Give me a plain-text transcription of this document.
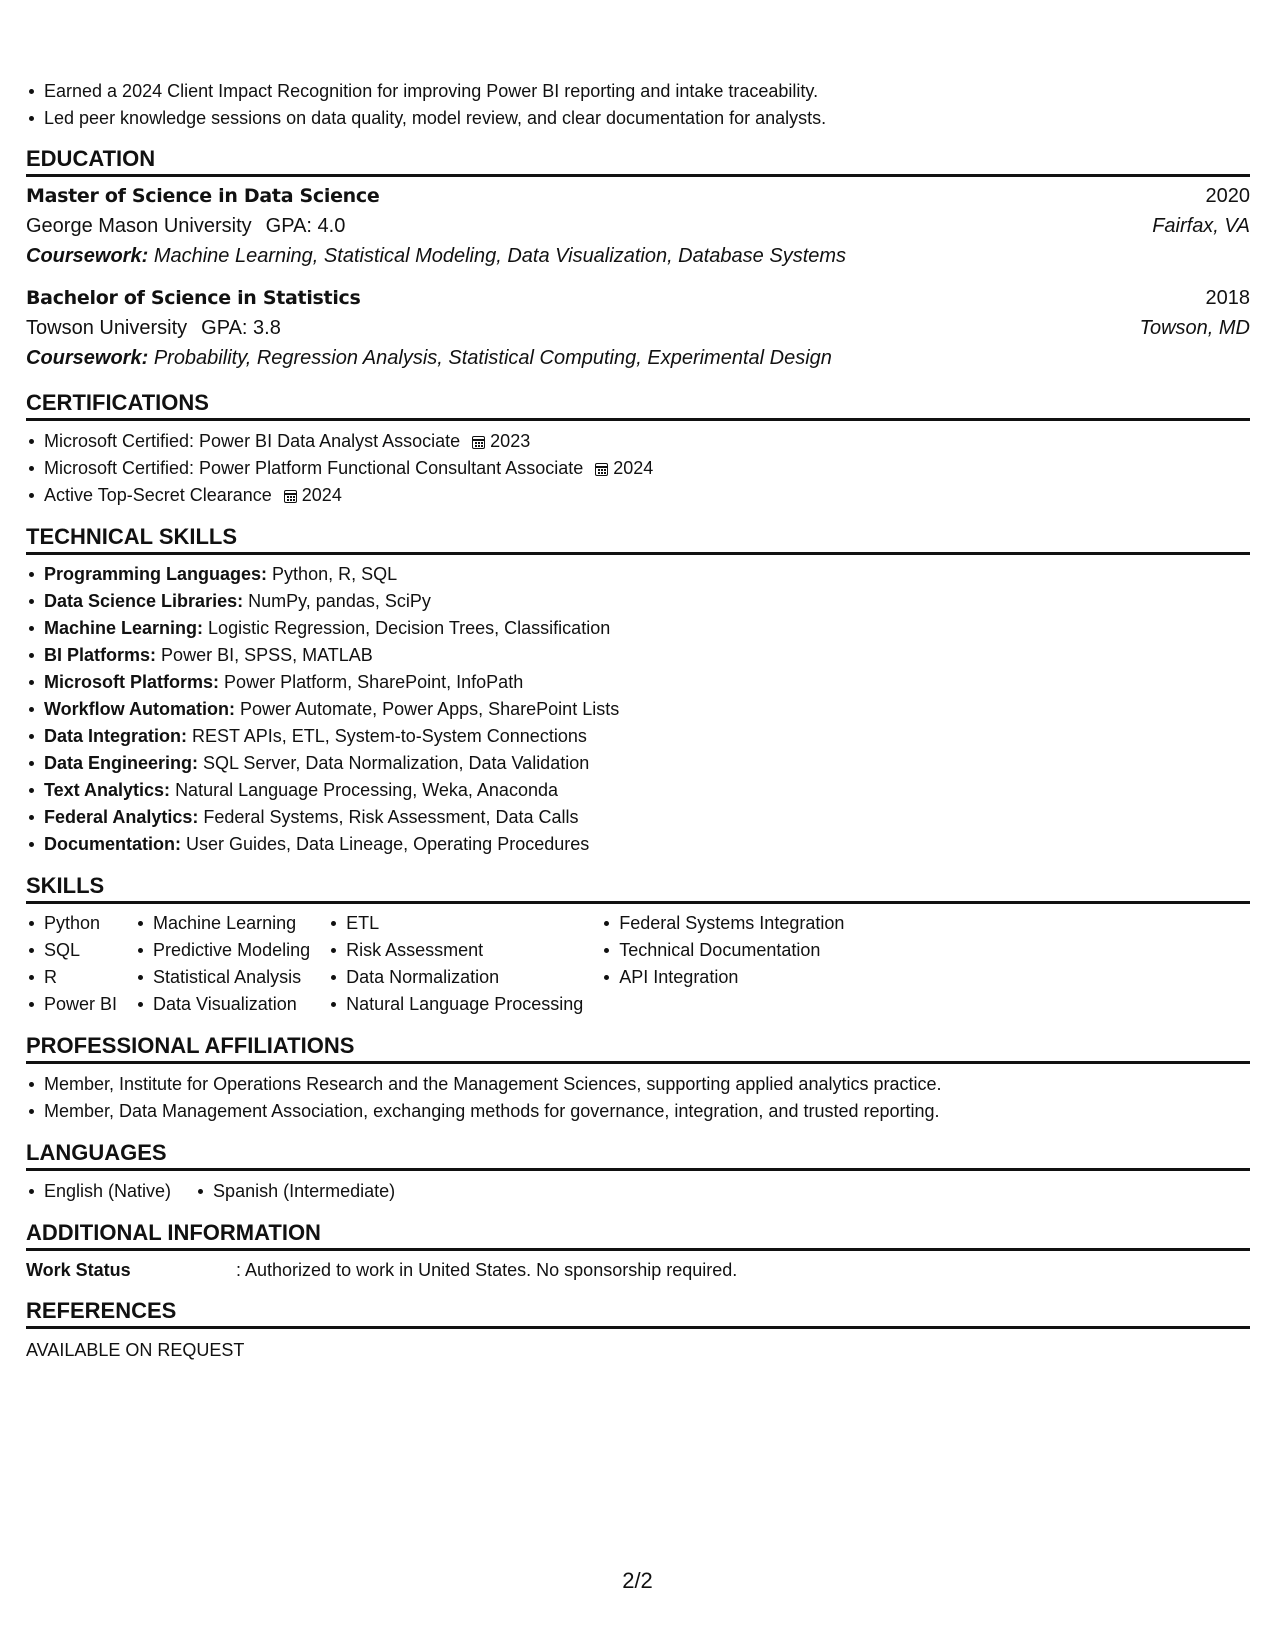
Earned a 2024 Client Impact Recognition for improving Power BI reporting and intake traceability.
Led peer knowledge sessions on data quality, model review, and clear documentation for analysts.
EDUCATION
Master of Science in Data Science	2020
George Mason University GPA: 4.0	Fairfax, VA
Coursework: Machine Learning, Statistical Modeling, Data Visualization, Database Systems
Bachelor of Science in Statistics	2018
Towson University GPA: 3.8	Towson, MD
Coursework: Probability, Regression Analysis, Statistical Computing, Experimental Design
CERTIFICATIONS
Microsoft Certified: Power BI Data Analyst Associate 2023
Microsoft Certified: Power Platform Functional Consultant Associate 2024
Active Top-Secret Clearance 2024
TECHNICAL SKILLS
Programming Languages: Python, R, SQL
Data Science Libraries: NumPy, pandas, SciPy
Machine Learning: Logistic Regression, Decision Trees, Classification
BI Platforms: Power BI, SPSS, MATLAB
Microsoft Platforms: Power Platform, SharePoint, InfoPath
Workflow Automation: Power Automate, Power Apps, SharePoint Lists
Data Integration: REST APIs, ETL, System-to-System Connections
Data Engineering: SQL Server, Data Normalization, Data Validation
Text Analytics: Natural Language Processing, Weka, Anaconda
Federal Analytics: Federal Systems, Risk Assessment, Data Calls
Documentation: User Guides, Data Lineage, Operating Procedures
SKILLS
Python
SQL
R
Power BI
Machine Learning
Predictive Modeling
Statistical Analysis
Data Visualization
ETL
Risk Assessment
Data Normalization
Natural Language Processing
Federal Systems Integration
Technical Documentation
API Integration
PROFESSIONAL AFFILIATIONS
Member, Institute for Operations Research and the Management Sciences, supporting applied analytics practice.
Member, Data Management Association, exchanging methods for governance, integration, and trusted reporting.
LANGUAGES
English (Native)	Spanish (Intermediate)
ADDITIONAL INFORMATION
Work Status	: Authorized to work in United States. No sponsorship required.
REFERENCES
AVAILABLE ON REQUEST
2/2
